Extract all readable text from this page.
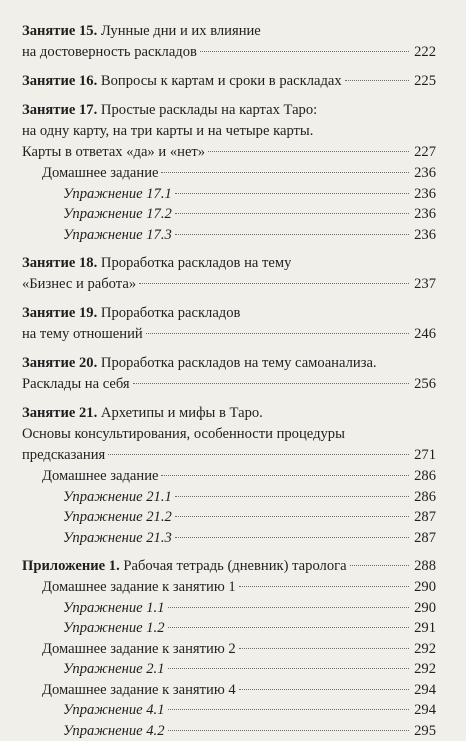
Занятие 15. Лунные дни и их влияние
на достоверность раскладов	222
Занятие 16. Вопросы к картам и сроки в раскладах	225
Занятие 17. Простые расклады на картах Таро:
на одну карту, на три карты и на четыре карты.
Карты в ответах «да» и «нет»	227
Домашнее задание	236
Упражнение 17.1	236
Упражнение 17.2	236
Упражнение 17.3	236
Занятие 18. Проработка раскладов на тему
«Бизнес и работа»	237
Занятие 19. Проработка раскладов
на тему отношений	246
Занятие 20. Проработка раскладов на тему самоанализа.
Расклады на себя	256
Занятие 21. Архетипы и мифы в Таро.
Основы консультирования, особенности процедуры
предсказания	271
Домашнее задание	286
Упражнение 21.1	286
Упражнение 21.2	287
Упражнение 21.3	287
Приложение 1. Рабочая тетрадь (дневник) таролога	288
Домашнее задание к занятию 1	290
Упражнение 1.1	290
Упражнение 1.2	291
Домашнее задание к занятию 2	292
Упражнение 2.1	292
Домашнее задание к занятию 4	294
Упражнение 4.1	294
Упражнение 4.2	295
